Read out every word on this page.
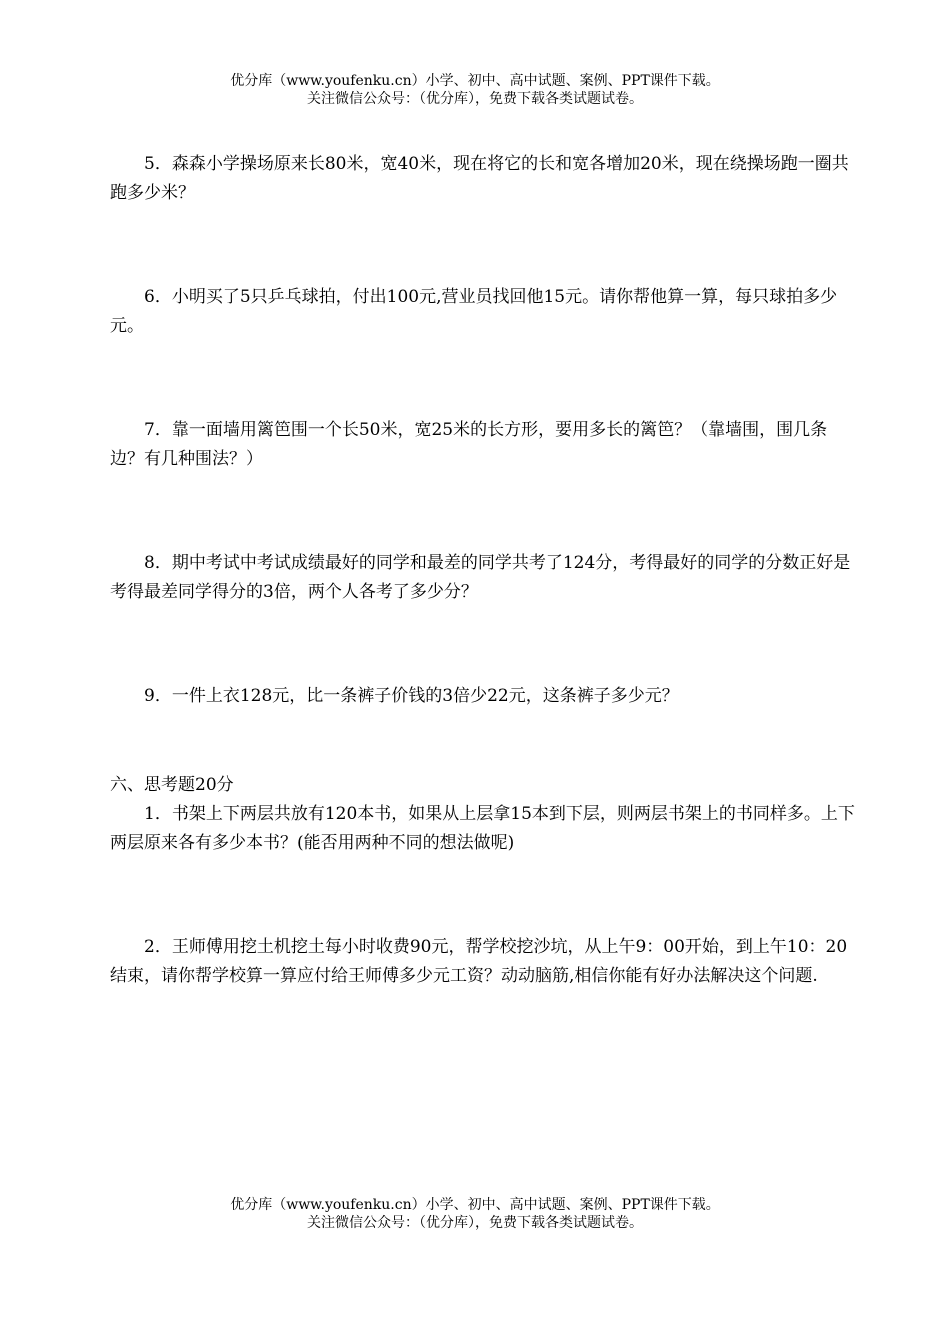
优分库（www.youfenku.cn）小学、初中、高中试题、案例、PPT课件下载。
关注微信公众号：（优分库），免费下载各类试题试卷。

5．森森小学操场原来长80米，宽40米，现在将它的长和宽各增加20米，现在绕操场跑一圈共跑多少米？

6．小明买了5只乒乓球拍，付出100元,营业员找回他15元。请你帮他算一算，每只球拍多少元。

7．靠一面墙用篱笆围一个长50米，宽25米的长方形，要用多长的篱笆？（靠墙围，围几条边？有几种围法？）

8．期中考试中考试成绩最好的同学和最差的同学共考了124分，考得最好的同学的分数正好是考得最差同学得分的3倍，两个人各考了多少分？

9．一件上衣128元，比一条裤子价钱的3倍少22元，这条裤子多少元？

六、思考题20分

1．书架上下两层共放有120本书，如果从上层拿15本到下层，则两层书架上的书同样多。上下两层原来各有多少本书？(能否用两种不同的想法做呢)

2．王师傅用挖土机挖土每小时收费90元，帮学校挖沙坑，从上午9：00开始，到上午10：20结束，请你帮学校算一算应付给王师傅多少元工资？动动脑筋,相信你能有好办法解决这个问题.

优分库（www.youfenku.cn）小学、初中、高中试题、案例、PPT课件下载。
关注微信公众号：（优分库），免费下载各类试题试卷。
